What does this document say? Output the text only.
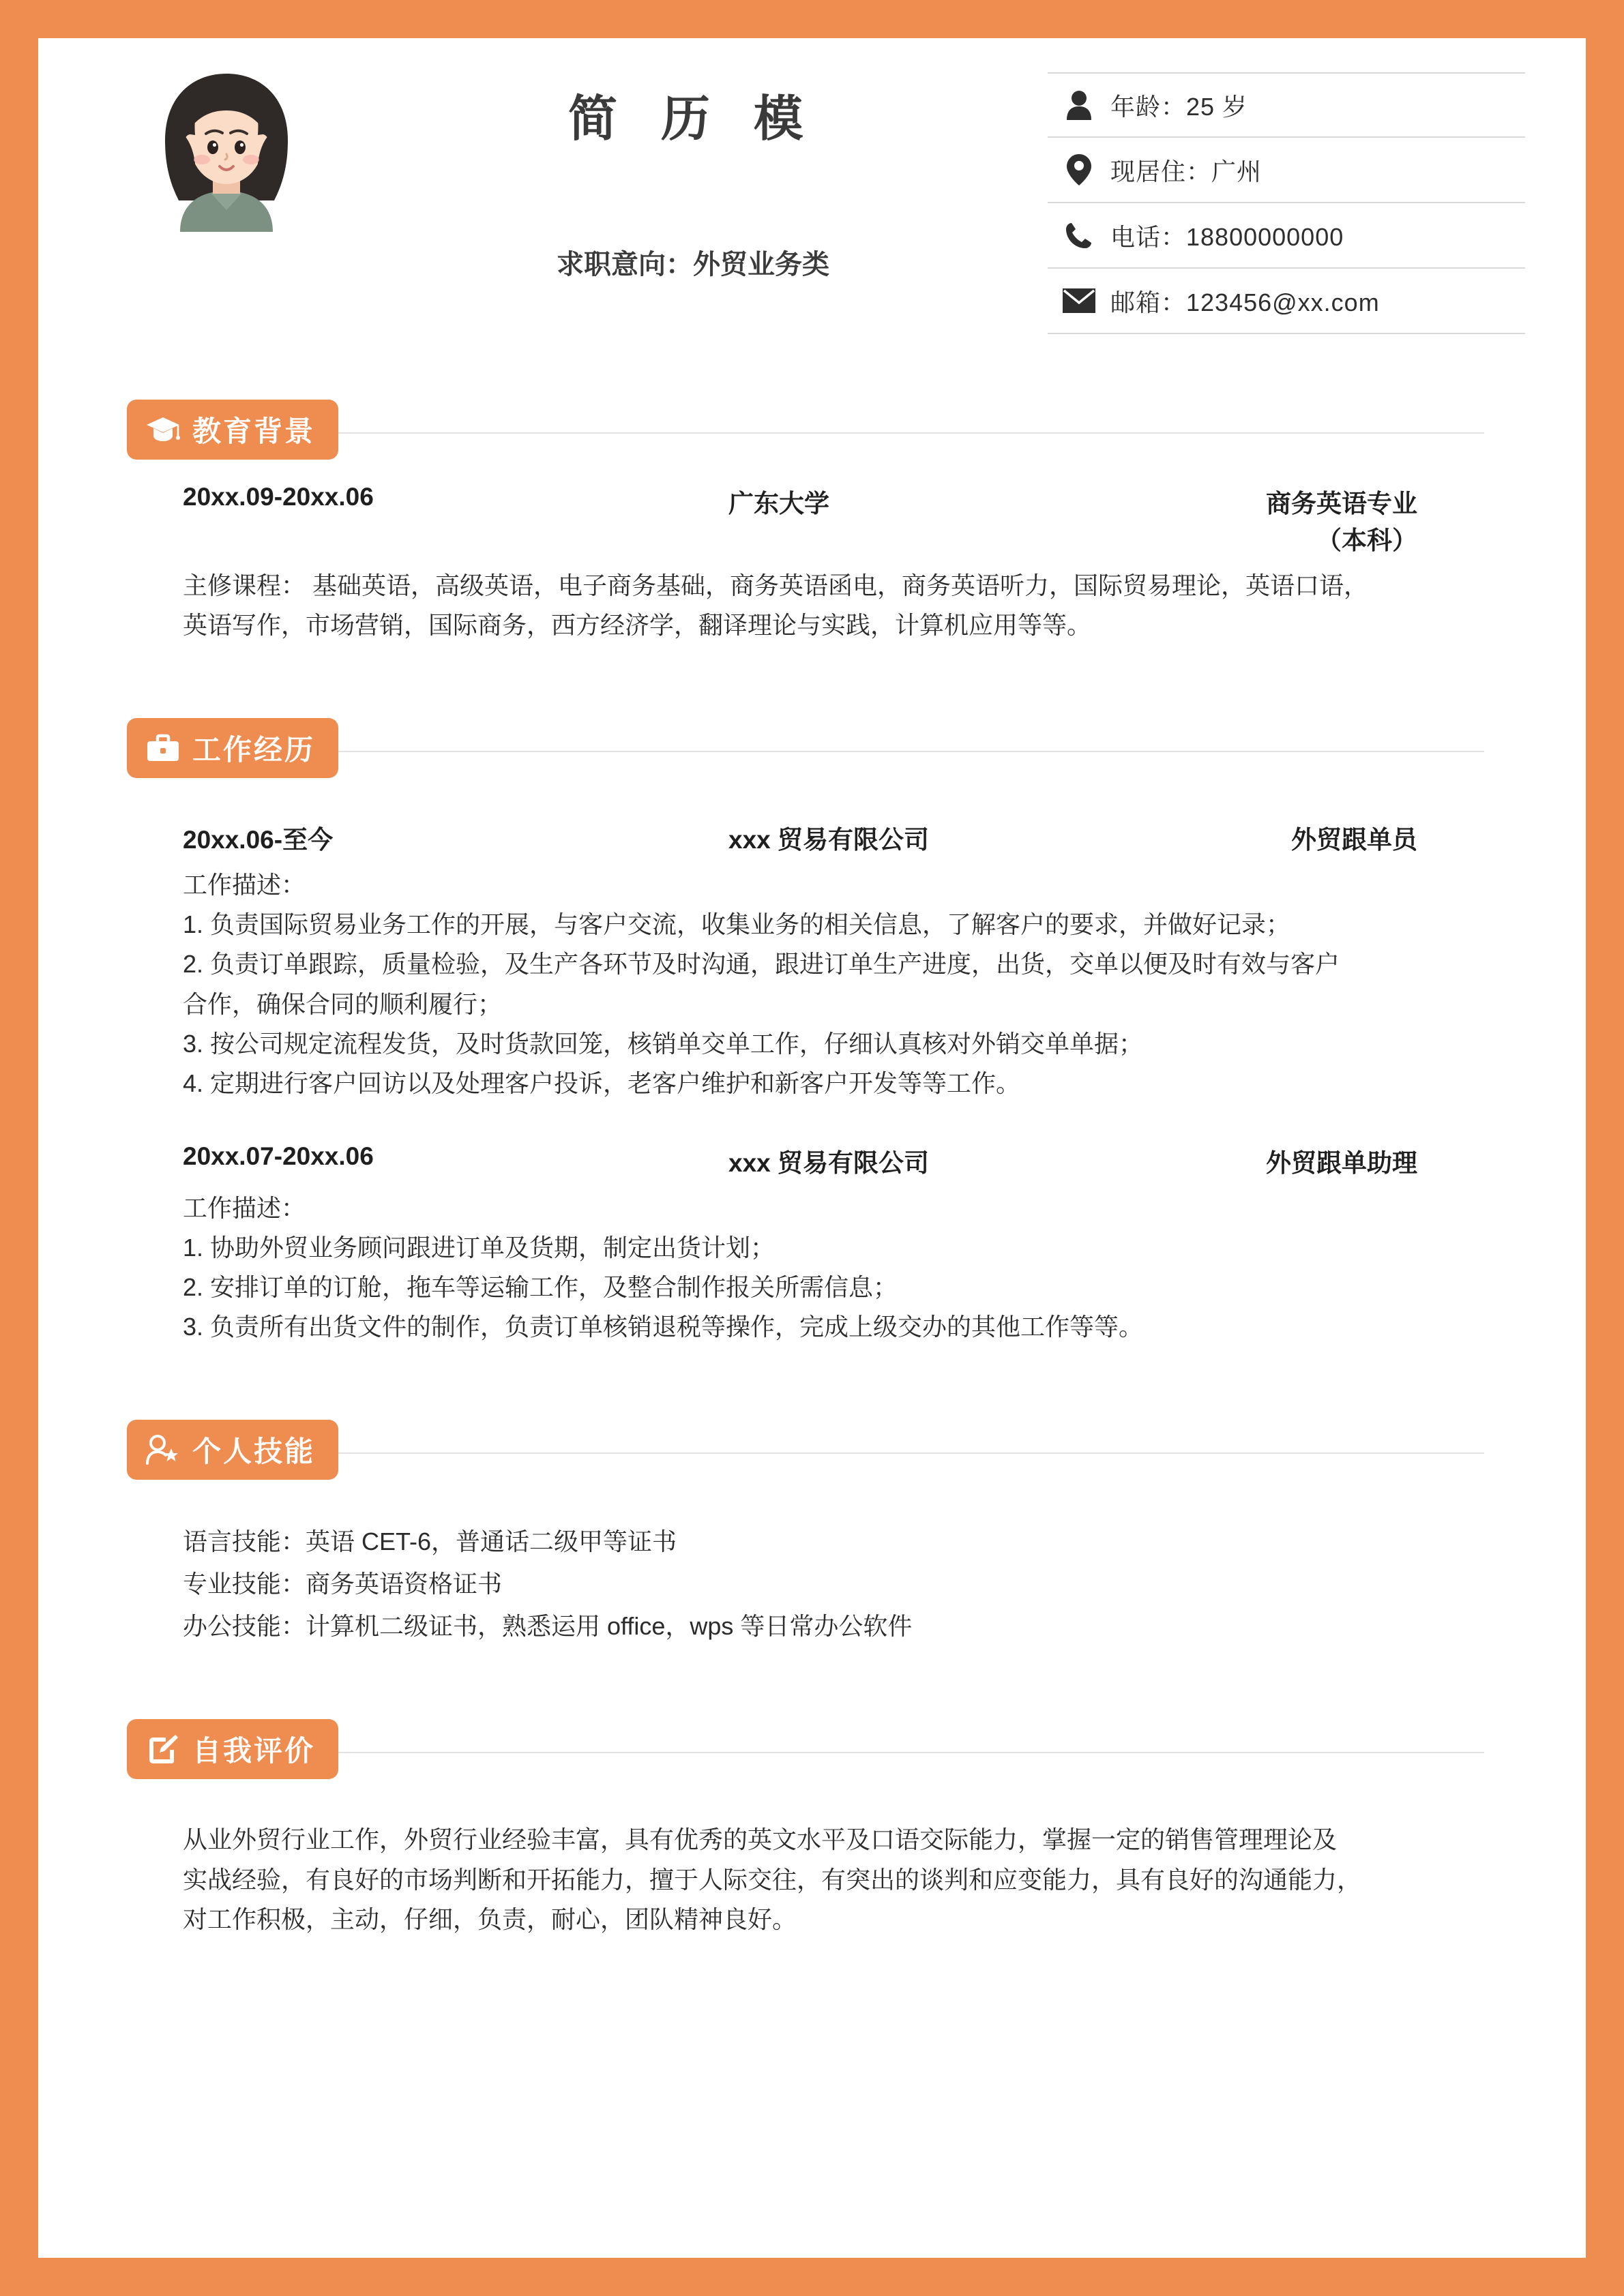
简 历 模
求职意向：外贸业务类
年龄：25 岁
现居住：广州
电话：18800000000
邮箱：123456@xx.com
教育背景
20xx.09-20xx.06	广东大学	商务英语专业（本科）
主修课程： 基础英语，高级英语，电子商务基础，商务英语函电，商务英语听力，国际贸易理论，英语口语，
英语写作，市场营销，国际商务，西方经济学，翻译理论与实践，计算机应用等等。
工作经历
20xx.06-至今	xxx 贸易有限公司	外贸跟单员
工作描述：
1. 负责国际贸易业务工作的开展，与客户交流，收集业务的相关信息，了解客户的要求，并做好记录；
2. 负责订单跟踪，质量检验，及生产各环节及时沟通，跟进订单生产进度，出货，交单以便及时有效与客户
合作，确保合同的顺利履行；
3. 按公司规定流程发货，及时货款回笼，核销单交单工作，仔细认真核对外销交单单据；
4. 定期进行客户回访以及处理客户投诉，老客户维护和新客户开发等等工作。
20xx.07-20xx.06	xxx 贸易有限公司	外贸跟单助理
工作描述：
1. 协助外贸业务顾问跟进订单及货期，制定出货计划；
2. 安排订单的订舱，拖车等运输工作，及整合制作报关所需信息；
3. 负责所有出货文件的制作，负责订单核销退税等操作，完成上级交办的其他工作等等。
个人技能
语言技能：英语 CET-6，普通话二级甲等证书
专业技能：商务英语资格证书
办公技能：计算机二级证书，熟悉运用 office，wps 等日常办公软件
自我评价
从业外贸行业工作，外贸行业经验丰富，具有优秀的英文水平及口语交际能力，掌握一定的销售管理理论及
实战经验，有良好的市场判断和开拓能力，擅于人际交往，有突出的谈判和应变能力，具有良好的沟通能力，
对工作积极，主动，仔细，负责，耐心，团队精神良好。
